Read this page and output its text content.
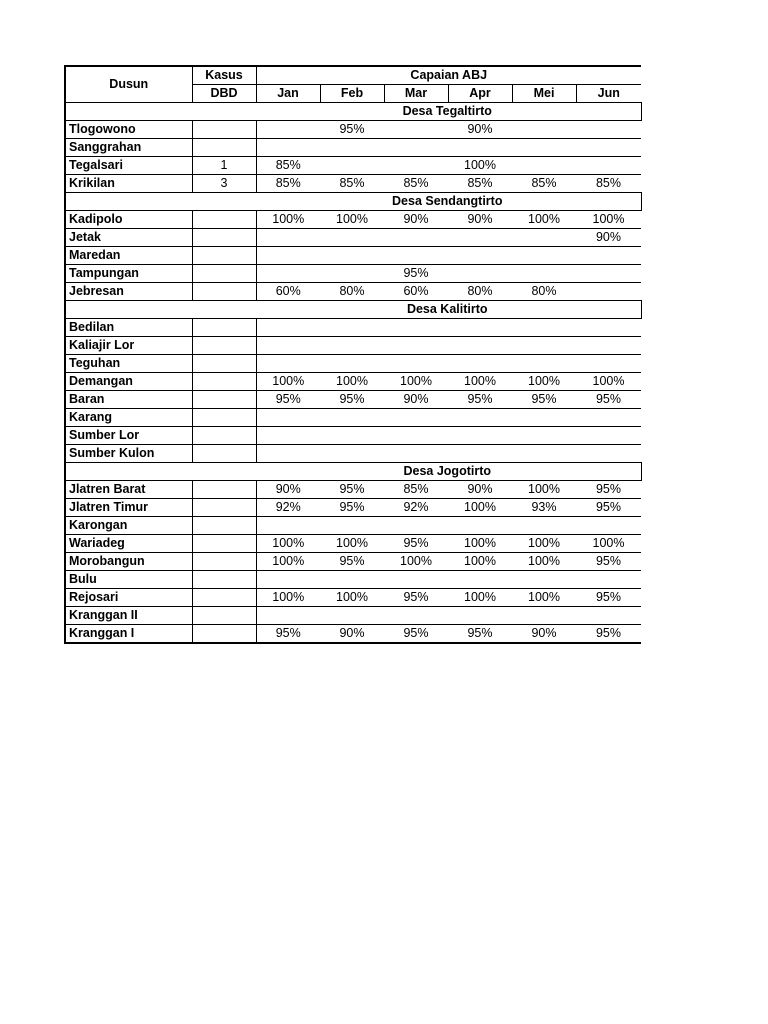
Dusun	Kasus	Capaian ABJ					
	DBD	Jan	Feb	Mar	Apr	Mei	Jun
Desa Tegaltirto							
Tlogowono			95%		90%		
Sanggrahan							
Tegalsari	1	85%			100%		
Krikilan	3	85%	85%	85%	85%	85%	85%
Desa Sendangtirto							
Kadipolo		100%	100%	90%	90%	100%	100%
Jetak							90%
Maredan							
Tampungan				95%			
Jebresan		60%	80%	60%	80%	80%	
Desa Kalitirto							
Bedilan							
Kaliajir Lor							
Teguhan							
Demangan		100%	100%	100%	100%	100%	100%
Baran		95%	95%	90%	95%	95%	95%
Karang							
Sumber Lor							
Sumber Kulon							
Desa Jogotirto							
Jlatren Barat		90%	95%	85%	90%	100%	95%
Jlatren Timur		92%	95%	92%	100%	93%	95%
Karongan							
Wariadeg		100%	100%	95%	100%	100%	100%
Morobangun		100%	95%	100%	100%	100%	95%
Bulu							
Rejosari		100%	100%	95%	100%	100%	95%
Kranggan II							
Kranggan I		95%	90%	95%	95%	90%	95%
